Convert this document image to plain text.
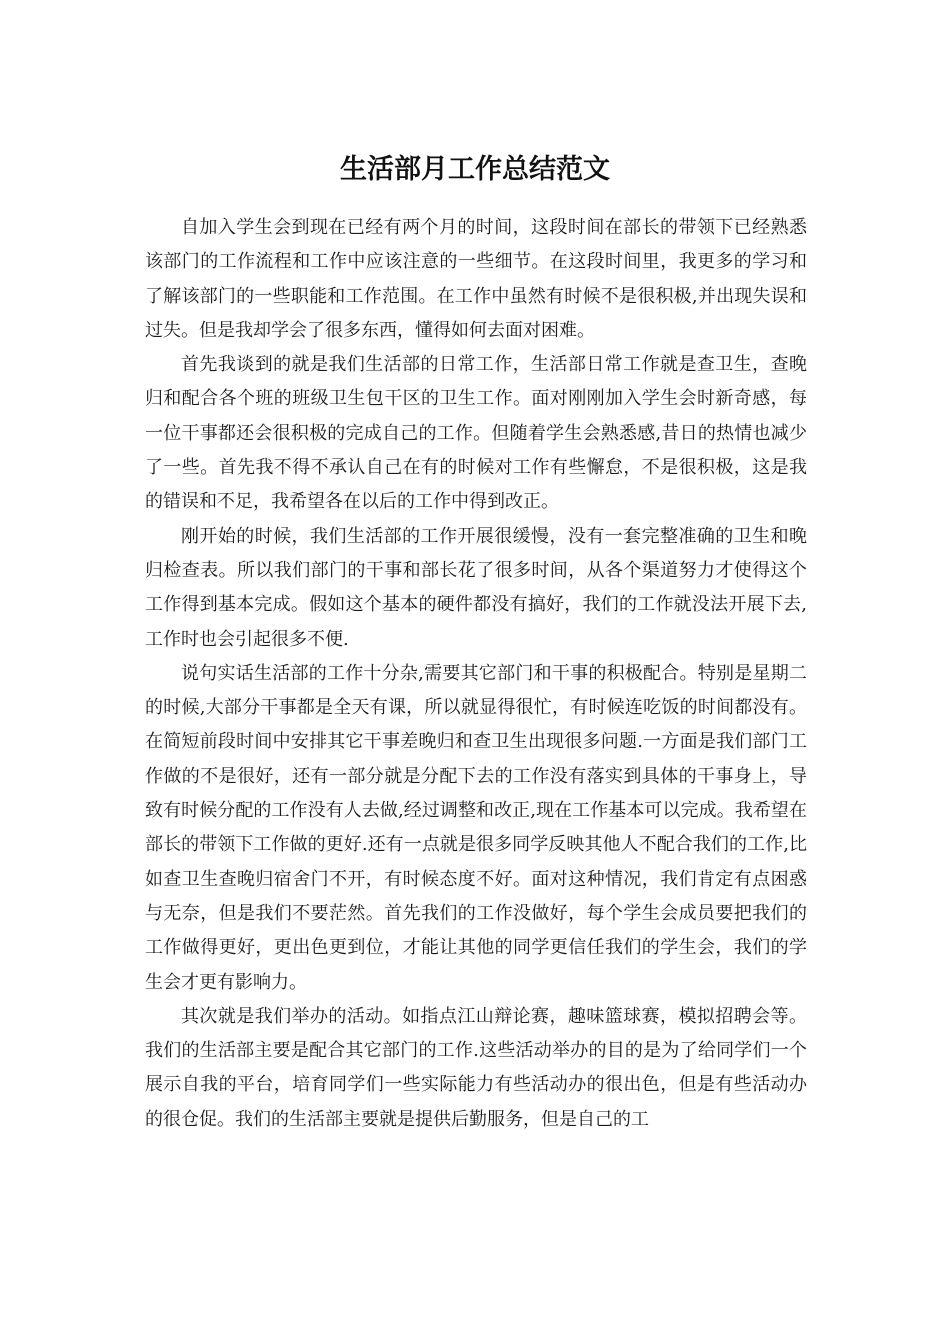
生活部月工作总结范文

自加入学生会到现在已经有两个月的时间，这段时间在部长的带领下已经熟悉该部门的工作流程和工作中应该注意的一些细节。在这段时间里，我更多的学习和了解该部门的一些职能和工作范围。在工作中虽然有时候不是很积极,并出现失误和过失。但是我却学会了很多东西，懂得如何去面对困难。

首先我谈到的就是我们生活部的日常工作，生活部日常工作就是查卫生，查晚归和配合各个班的班级卫生包干区的卫生工作。面对刚刚加入学生会时新奇感，每一位干事都还会很积极的完成自己的工作。但随着学生会熟悉感,昔日的热情也减少了一些。首先我不得不承认自己在有的时候对工作有些懈怠，不是很积极，这是我的错误和不足，我希望各在以后的工作中得到改正。

刚开始的时候，我们生活部的工作开展很缓慢，没有一套完整准确的卫生和晚归检查表。所以我们部门的干事和部长花了很多时间，从各个渠道努力才使得这个工作得到基本完成。假如这个基本的硬件都没有搞好，我们的工作就没法开展下去,工作时也会引起很多不便.

说句实话生活部的工作十分杂,需要其它部门和干事的积极配合。特别是星期二的时候,大部分干事都是全天有课，所以就显得很忙，有时候连吃饭的时间都没有。在简短前段时间中安排其它干事差晚归和查卫生出现很多问题.一方面是我们部门工作做的不是很好，还有一部分就是分配下去的工作没有落实到具体的干事身上，导致有时候分配的工作没有人去做,经过调整和改正,现在工作基本可以完成。我希望在部长的带领下工作做的更好.还有一点就是很多同学反映其他人不配合我们的工作,比如查卫生查晚归宿舍门不开，有时候态度不好。面对这种情况，我们肯定有点困惑与无奈，但是我们不要茫然。首先我们的工作没做好，每个学生会成员要把我们的工作做得更好，更出色更到位，才能让其他的同学更信任我们的学生会，我们的学生会才更有影响力。

其次就是我们举办的活动。如指点江山辩论赛，趣味篮球赛，模拟招聘会等。我们的生活部主要是配合其它部门的工作.这些活动举办的目的是为了给同学们一个展示自我的平台，培育同学们一些实际能力有些活动办的很出色，但是有些活动办的很仓促。我们的生活部主要就是提供后勤服务，但是自己的工
